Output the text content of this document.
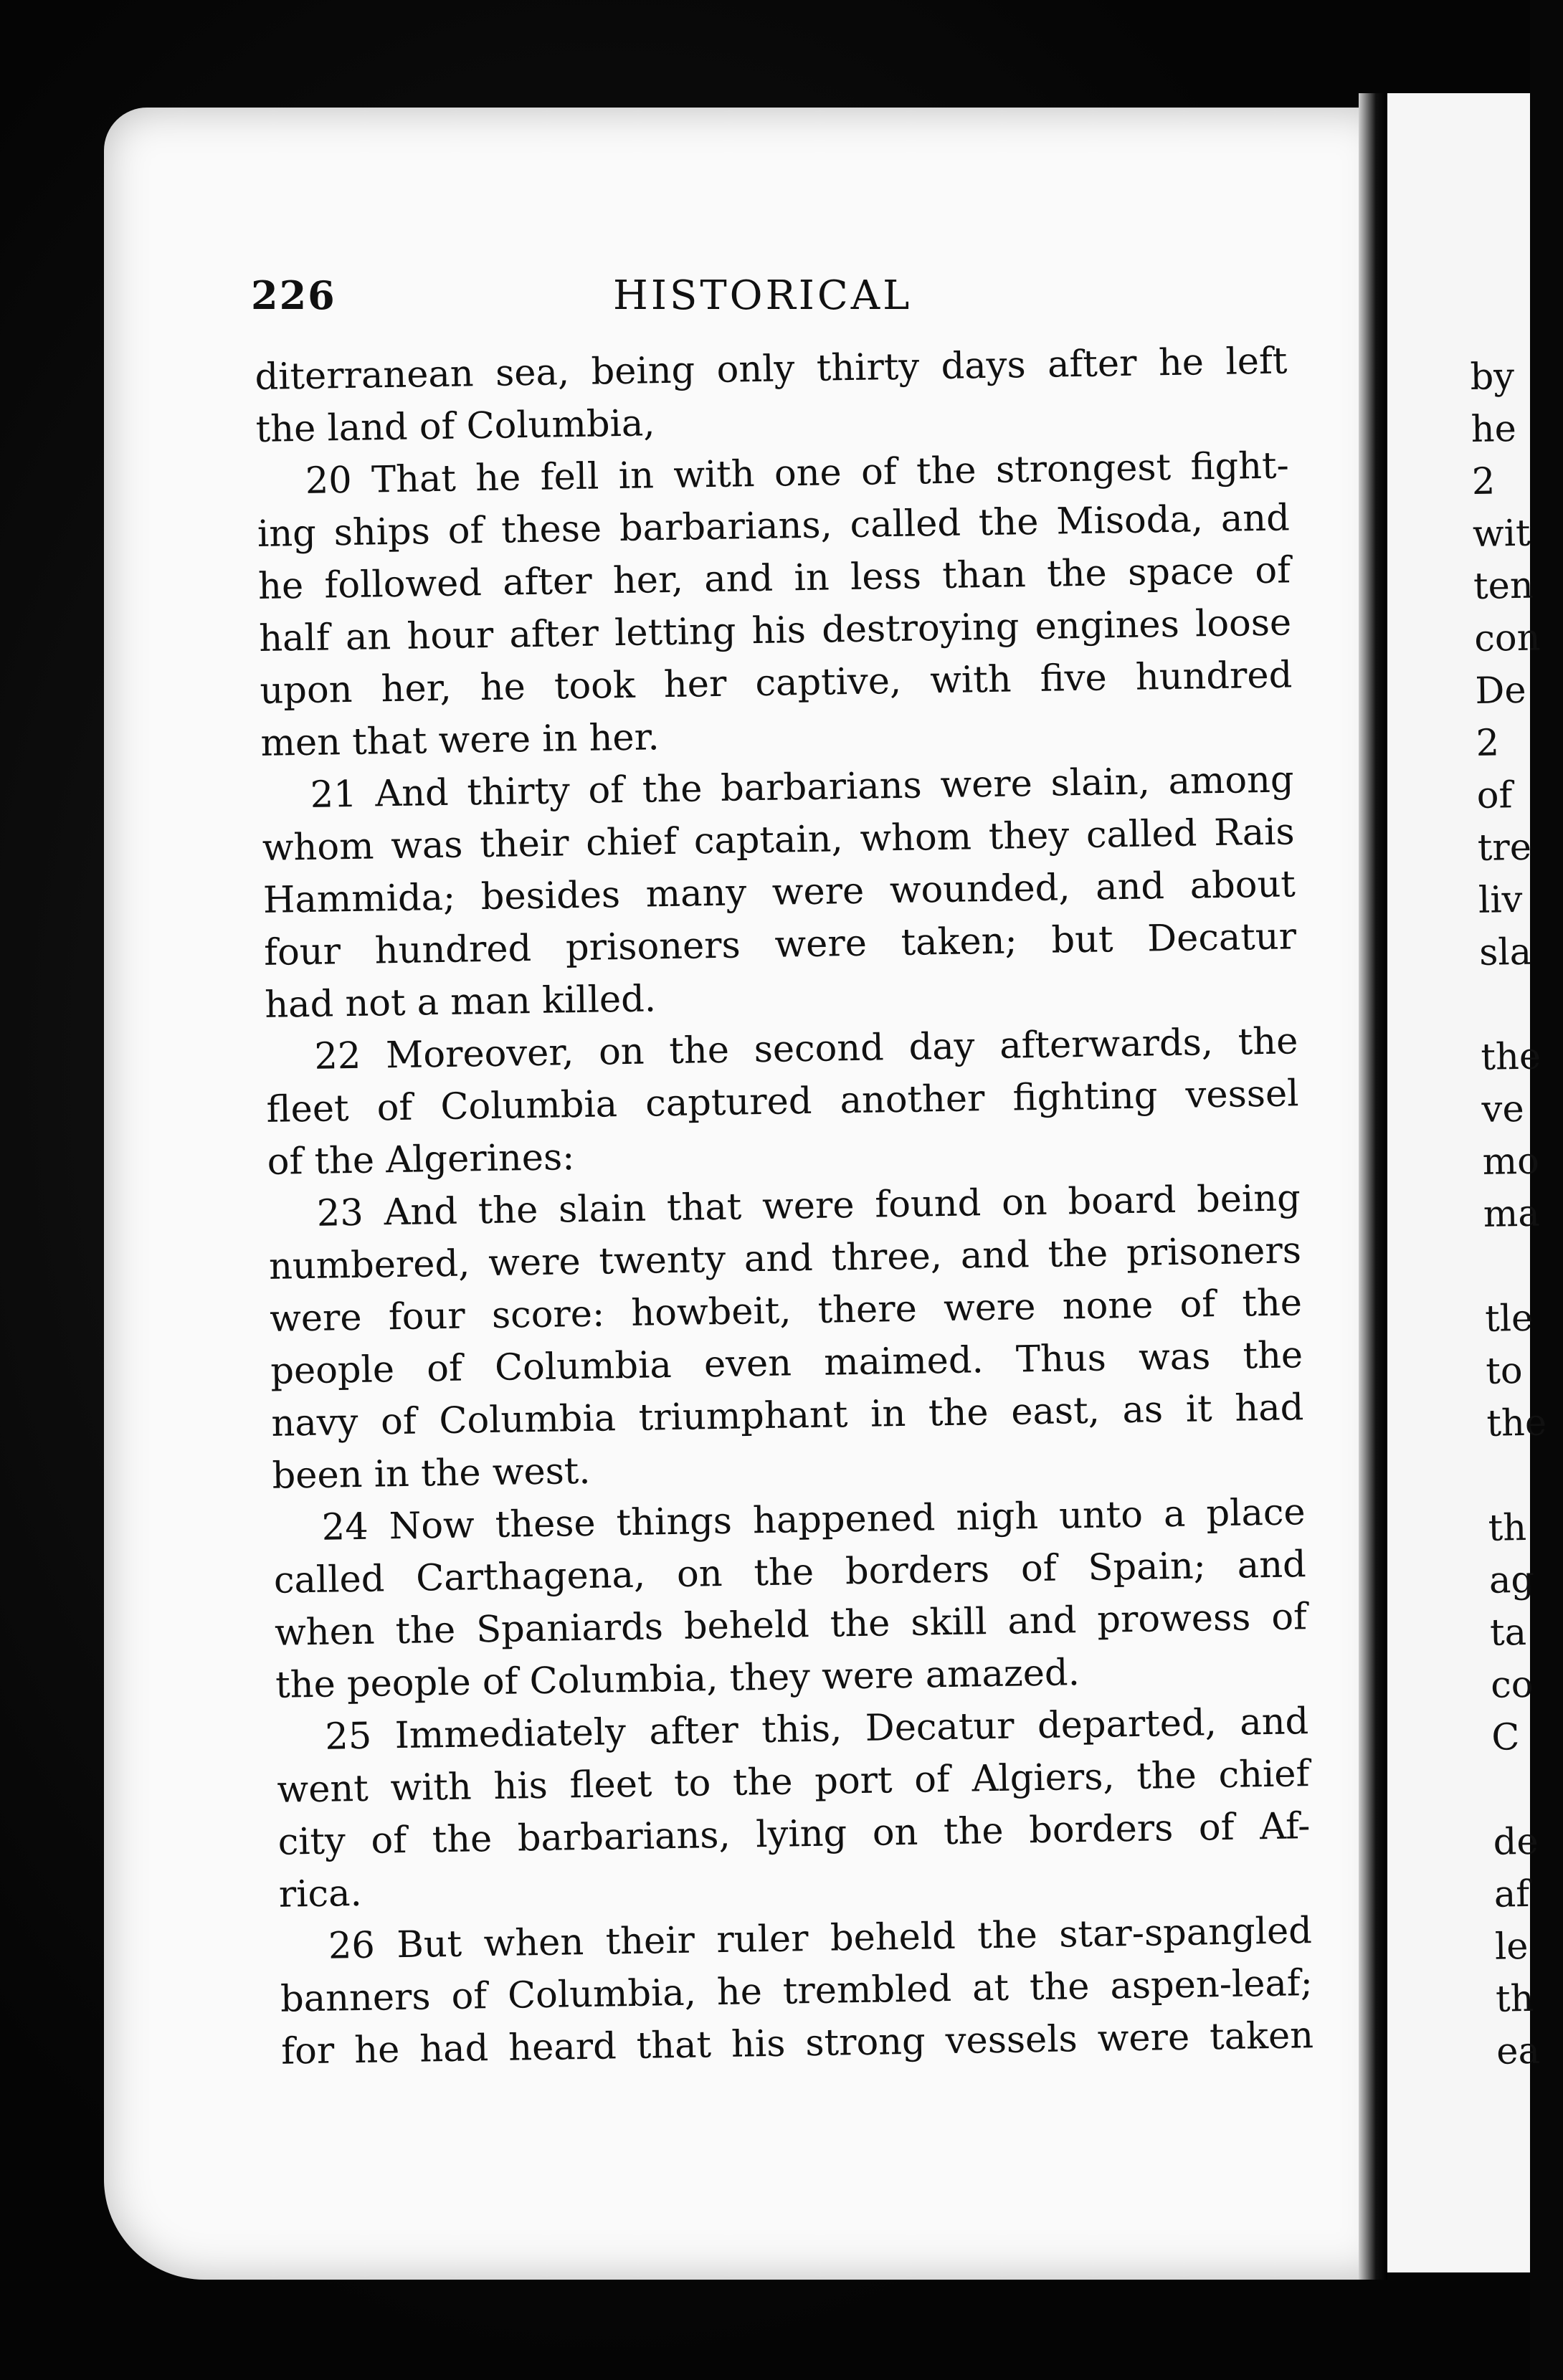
226	HISTORICAL
diterranean sea, being only thirty days after he left
the land of Columbia,
20 That he fell in with one of the strongest fight-
ing ships of these barbarians, called the Misoda, and
he followed after her, and in less than the space of
half an hour after letting his destroying engines loose
upon her, he took her captive, with five hundred
men that were in her.
21 And thirty of the barbarians were slain, among
whom was their chief captain, whom they called Rais
Hammida; besides many were wounded, and about
four hundred prisoners were taken; but Decatur
had not a man killed.
22 Moreover, on the second day afterwards, the
fleet of Columbia captured another fighting vessel
of the Algerines:
23 And the slain that were found on board being
numbered, were twenty and three, and the prisoners
were four score: howbeit, there were none of the
people of Columbia even maimed. Thus was the
navy of Columbia triumphant in the east, as it had
been in the west.
24 Now these things happened nigh unto a place
called Carthagena, on the borders of Spain; and
when the Spaniards beheld the skill and prowess of
the people of Columbia, they were amazed.
25 Immediately after this, Decatur departed, and
went with his fleet to the port of Algiers, the chief
city of the barbarians, lying on the borders of Af-
rica.
26 But when their ruler beheld the star-spangled
banners of Columbia, he trembled at the aspen-leaf;
for he had heard that his strong vessels were taken
by
he
2
wit
ten
con
De
2
of
tre
liv
sla
the
ve
mo
ma
tle
to
the
th
ag
ta
co
C
de
af
le
th
ea
